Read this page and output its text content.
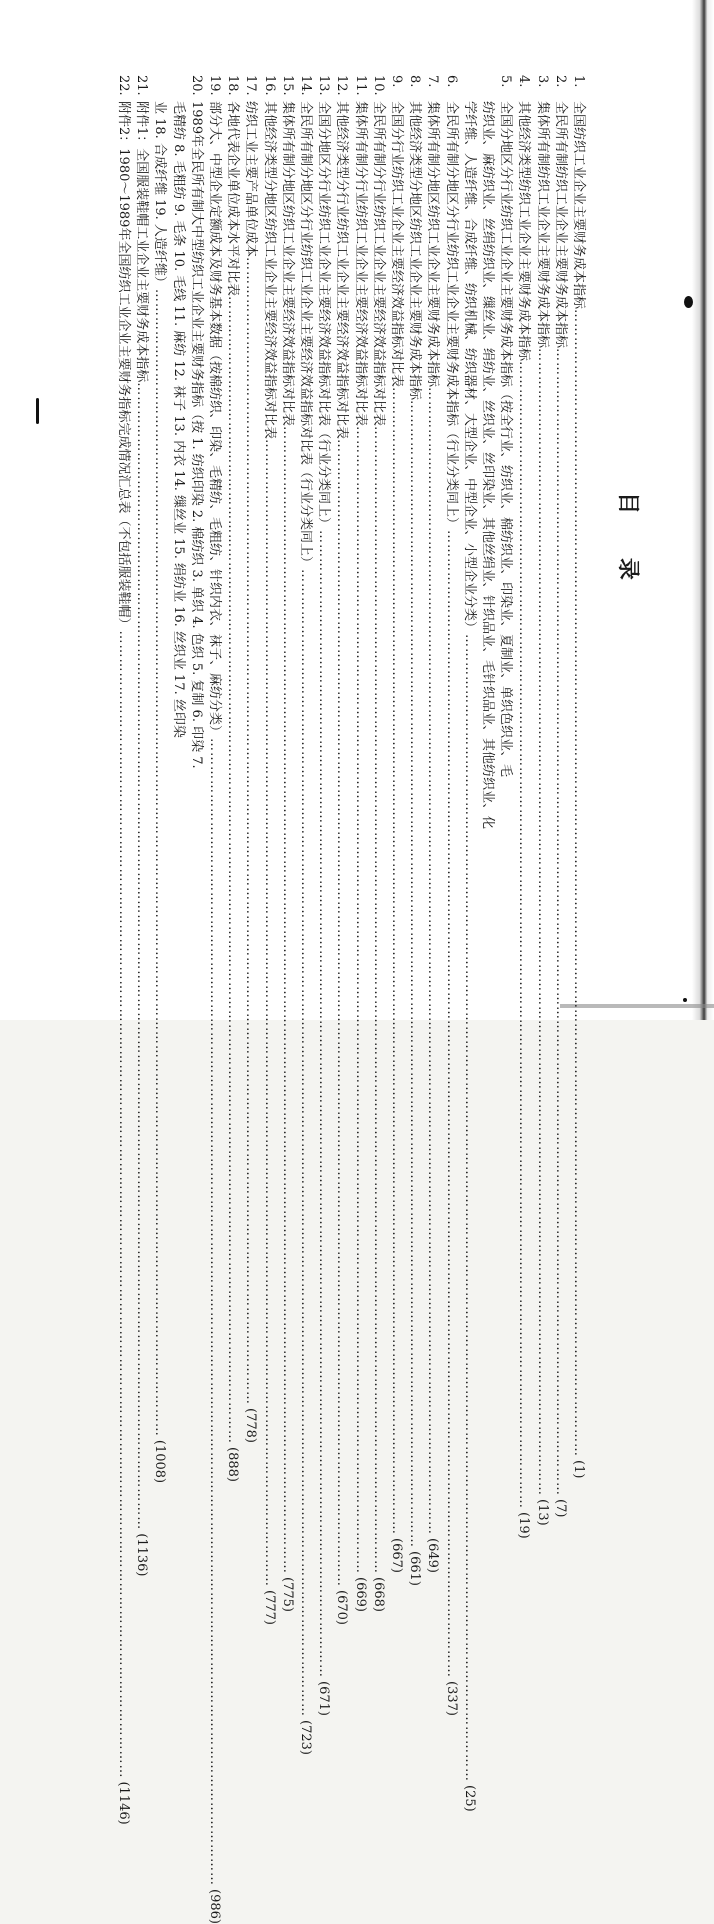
目 录
1.
全国纺织工业企业主要财务成本指标
…………………………………………………………………………………………………………………………………………………………………………………………………………………………
(1)
2.
全民所有制纺织工业企业主要财务成本指标
…………………………………………………………………………………………………………………………………………………………………………………………………………………………
(7)
3.
集体所有制纺织工业企业主要财务成本指标
…………………………………………………………………………………………………………………………………………………………………………………………………………………………
(13)
4.
其他经济类型纺织工业企业主要财务成本指标
…………………………………………………………………………………………………………………………………………………………………………………………………………………………
(19)
5.
全国分地区分行业纺织工业企业主要财务成本指标（按全行业、纺织业、棉纺织业、印染业、夏制业、单织色织业、毛
纺织业、麻纺织业、丝绢纺织业、缫丝业、绢纺业、丝织业、丝印染业、其他丝绢业、针织品业、毛针织品业、其他纺织业、化
学纤维、人造纤维、合成纤维、纺织机械、纺织器材、大型企业、中型企业、小型企业分类）
…………………………………………………………………………………………………………………………………………………………………………………………………………………………
(25)
6.
全民所有制分地区分行业纺织工业企业主要财务成本指标（行业分类同上）
…………………………………………………………………………………………………………………………………………………………………………………………………………………………
(337)
7.
集体所有制分地区纺织工业企业主要财务成本指标
…………………………………………………………………………………………………………………………………………………………………………………………………………………………
(649)
8.
其他经济类型分地区纺织工业企业主要财务成本指标
…………………………………………………………………………………………………………………………………………………………………………………………………………………………
(661)
9.
全国分行业纺织工业企业主要经济效益指标对比表
…………………………………………………………………………………………………………………………………………………………………………………………………………………………
(667)
10.
全民所有制分行业纺织工业企业主要经济效益指标对比表
…………………………………………………………………………………………………………………………………………………………………………………………………………………………
(668)
11.
集体所有制分行业纺织工业企业主要经济效益指标对比表
…………………………………………………………………………………………………………………………………………………………………………………………………………………………
(669)
12.
其他经济类型分行业纺织工业企业主要经济效益指标对比表
…………………………………………………………………………………………………………………………………………………………………………………………………………………………
(670)
13.
全国分地区分行业纺织工业企业主要经济效益指标对比表（行业分类同上）
…………………………………………………………………………………………………………………………………………………………………………………………………………………………
(671)
14.
全民所有制分地区分行业纺织工业企业主要经济效益指标对比表（行业分类同上）
…………………………………………………………………………………………………………………………………………………………………………………………………………………………
(723)
15.
集体所有制分地区纺织工业企业主要经济效益指标对比表
…………………………………………………………………………………………………………………………………………………………………………………………………………………………
(775)
16.
其他经济类型分地区纺织工业企业主要经济效益指标对比表
…………………………………………………………………………………………………………………………………………………………………………………………………………………………
(777)
17.
纺织工业主要产品单位成本
…………………………………………………………………………………………………………………………………………………………………………………………………………………………
(778)
18.
各地代表企业单位成本水平对比表
…………………………………………………………………………………………………………………………………………………………………………………………………………………………
(888)
19.
部分大、中型企业定额成本及财务基本数据（按棉纺织、印染、毛精纺、毛粗纺、针织内衣、袜子、麻纺分类）
…………………………………………………………………………………………………………………………………………………………………………………………………………………………
(986)
20.
1989年全民所有制大中型纺织工业企业主要财务指标（按 1. 纺织印染 2. 棉纺织 3. 单织 4. 色织 5. 复制 6. 印染 7.
毛精纺 8. 毛粗纺 9. 毛条 10. 毛线 11. 麻纺 12. 袜子 13. 内衣 14. 缫丝业 15. 绢纺业 16. 丝织业 17. 丝印染
业 18. 合成纤维 19. 人造纤维）
…………………………………………………………………………………………………………………………………………………………………………………………………………………………
(1008)
21.
附件1：全国服装鞋帽工业企业主要财务成本指标
…………………………………………………………………………………………………………………………………………………………………………………………………………………………
(1136)
22.
附件2：1980～1989年全国纺织工业企业主要财务指标完成情况汇总表（不包括服装鞋帽）
…………………………………………………………………………………………………………………………………………………………………………………………………………………………
(1146)
